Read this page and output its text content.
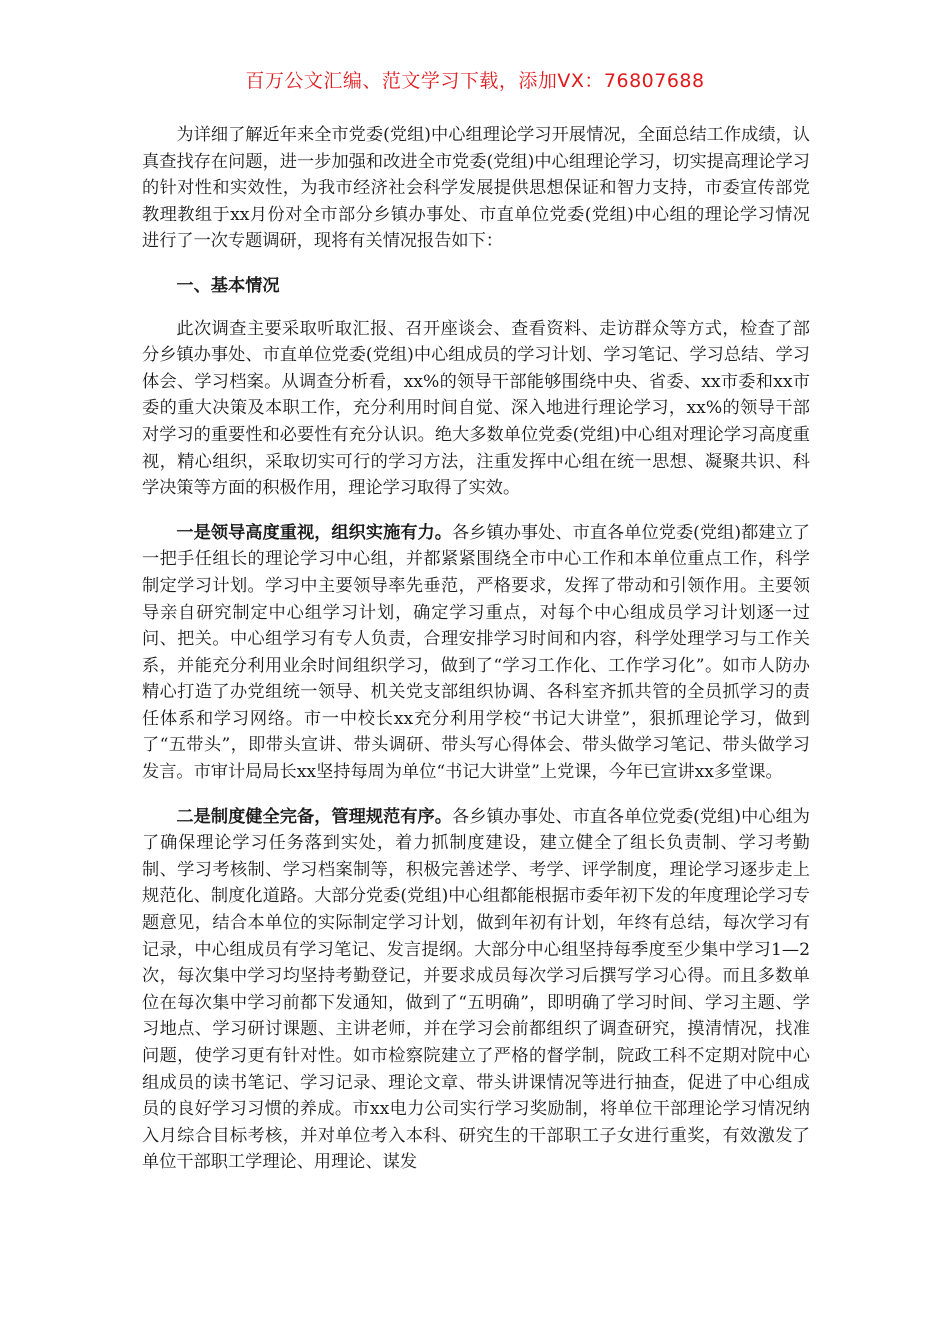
百万公文汇编、范文学习下载，添加VX：76807688

为详细了解近年来全市党委(党组)中心组理论学习开展情况，全面总结工作成绩，认真查找存在问题，进一步加强和改进全市党委(党组)中心组理论学习，切实提高理论学习的针对性和实效性，为我市经济社会科学发展提供思想保证和智力支持，市委宣传部党教理教组于xx月份对全市部分乡镇办事处、市直单位党委(党组)中心组的理论学习情况进行了一次专题调研，现将有关情况报告如下：

一、基本情况

此次调查主要采取听取汇报、召开座谈会、查看资料、走访群众等方式，检查了部分乡镇办事处、市直单位党委(党组)中心组成员的学习计划、学习笔记、学习总结、学习体会、学习档案。从调查分析看，xx%的领导干部能够围绕中央、省委、xx市委和xx市委的重大决策及本职工作，充分利用时间自觉、深入地进行理论学习，xx%的领导干部对学习的重要性和必要性有充分认识。绝大多数单位党委(党组)中心组对理论学习高度重视，精心组织，采取切实可行的学习方法，注重发挥中心组在统一思想、凝聚共识、科学决策等方面的积极作用，理论学习取得了实效。

一是领导高度重视，组织实施有力。各乡镇办事处、市直各单位党委(党组)都建立了一把手任组长的理论学习中心组，并都紧紧围绕全市中心工作和本单位重点工作，科学制定学习计划。学习中主要领导率先垂范，严格要求，发挥了带动和引领作用。主要领导亲自研究制定中心组学习计划，确定学习重点，对每个中心组成员学习计划逐一过问、把关。中心组学习有专人负责，合理安排学习时间和内容，科学处理学习与工作关系，并能充分利用业余时间组织学习，做到了“学习工作化、工作学习化”。如市人防办精心打造了办党组统一领导、机关党支部组织协调、各科室齐抓共管的全员抓学习的责任体系和学习网络。市一中校长xx充分利用学校“书记大讲堂”，狠抓理论学习，做到了“五带头”，即带头宣讲、带头调研、带头写心得体会、带头做学习笔记、带头做学习发言。市审计局局长xx坚持每周为单位“书记大讲堂”上党课，今年已宣讲xx多堂课。

二是制度健全完备，管理规范有序。各乡镇办事处、市直各单位党委(党组)中心组为了确保理论学习任务落到实处，着力抓制度建设，建立健全了组长负责制、学习考勤制、学习考核制、学习档案制等，积极完善述学、考学、评学制度，理论学习逐步走上规范化、制度化道路。大部分党委(党组)中心组都能根据市委年初下发的年度理论学习专题意见，结合本单位的实际制定学习计划，做到年初有计划，年终有总结，每次学习有记录，中心组成员有学习笔记、发言提纲。大部分中心组坚持每季度至少集中学习1—2次，每次集中学习均坚持考勤登记，并要求成员每次学习后撰写学习心得。而且多数单位在每次集中学习前都下发通知，做到了“五明确”，即明确了学习时间、学习主题、学习地点、学习研讨课题、主讲老师，并在学习会前都组织了调查研究，摸清情况，找准问题，使学习更有针对性。如市检察院建立了严格的督学制，院政工科不定期对院中心组成员的读书笔记、学习记录、理论文章、带头讲课情况等进行抽查，促进了中心组成员的良好学习习惯的养成。市xx电力公司实行学习奖励制，将单位干部理论学习情况纳入月综合目标考核，并对单位考入本科、研究生的干部职工子女进行重奖，有效激发了单位干部职工学理论、用理论、谋发
